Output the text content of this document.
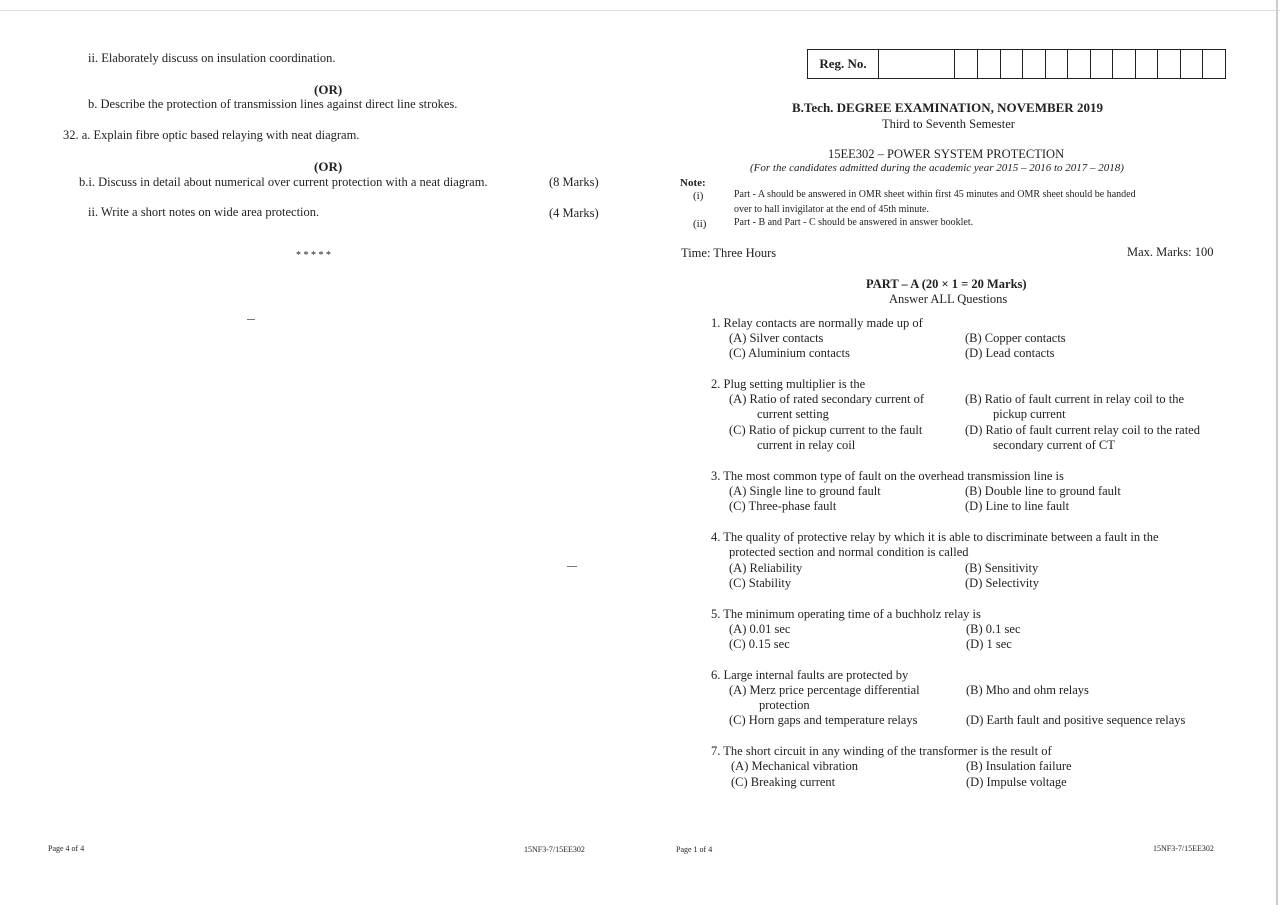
ii. Elaborately discuss on insulation coordination.
(OR)
b. Describe the protection of transmission lines against direct line strokes.
32. a. Explain fibre optic based relaying with neat diagram.
(OR)
b.i. Discuss in detail about numerical over current protection with a neat diagram.	(8 Marks)
ii. Write a short notes on wide area protection.	(4 Marks)
* * * * *
Page 4 of 4	15NF3-7/15EE302
Reg. No.
B.Tech. DEGREE EXAMINATION, NOVEMBER 2019
Third to Seventh Semester
15EE302 – POWER SYSTEM PROTECTION
(For the candidates admitted during the academic year 2015 – 2016 to 2017 – 2018)
Note:
(i)	Part - A should be answered in OMR sheet within first 45 minutes and OMR sheet should be handed
over to hall invigilator at the end of 45th minute.
(ii)	Part - B and Part - C should be answered in answer booklet.
Time: Three Hours	Max. Marks: 100
PART – A (20 × 1 = 20 Marks)
Answer ALL Questions
1. Relay contacts are normally made up of
(A) Silver contacts	(B) Copper contacts
(C) Aluminium contacts	(D) Lead contacts
2. Plug setting multiplier is the
(A) Ratio of rated secondary current of
current setting
(B) Ratio of fault current in relay coil to the
pickup current
(C) Ratio of pickup current to the fault
current in relay coil
(D) Ratio of fault current relay coil to the rated
secondary current of CT
3. The most common type of fault on the overhead transmission line is
(A) Single line to ground fault	(B) Double line to ground fault
(C) Three-phase fault	(D) Line to line fault
4. The quality of protective relay by which it is able to discriminate between a fault in the
protected section and normal condition is called
(A) Reliability	(B) Sensitivity
(C) Stability	(D) Selectivity
5. The minimum operating time of a buchholz relay is
(A) 0.01 sec	(B) 0.1 sec
(C) 0.15 sec	(D) 1 sec
6. Large internal faults are protected by
(A) Merz price percentage differential
protection
(B) Mho and ohm relays
(C) Horn gaps and temperature relays	(D) Earth fault and positive sequence relays
7. The short circuit in any winding of the transformer is the result of
(A) Mechanical vibration	(B) Insulation failure
(C) Breaking current	(D) Impulse voltage
Page 1 of 4	15NF3-7/15EE302
